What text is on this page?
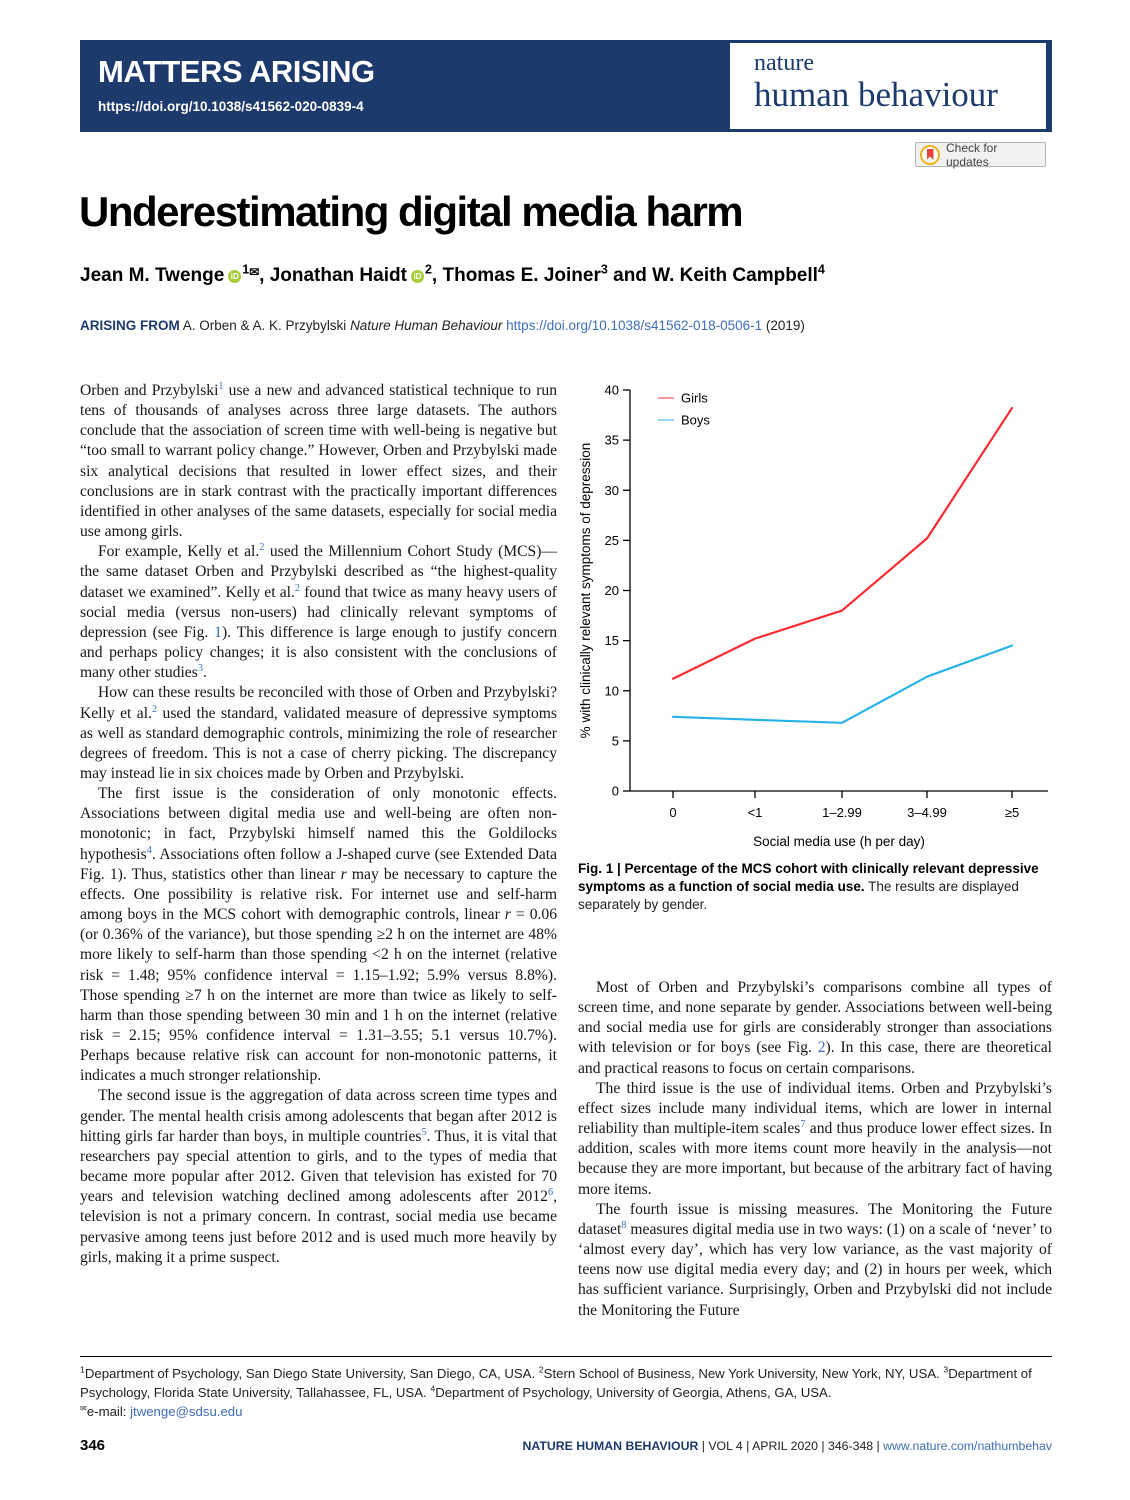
MATTERS ARISING
https://doi.org/10.1038/s41562-020-0839-4
nature
human behaviour
Check for updates
Underestimating digital media harm
Jean M. Twenge iD $^{1✉}$, Jonathan Haidt iD $^2$, Thomas E. Joiner$^3$ and W. Keith Campbell$^4$
ARISING FROM A. Orben & A. K. Przybylski Nature Human Behaviour https://doi.org/10.1038/s41562-018-0506-1 (2019)

Orben and Przybylski$^1$ use a new and advanced statistical technique to run tens of thousands of analyses across three large datasets. The authors conclude that the association of screen time with well-being is negative but “too small to warrant policy change.” However, Orben and Przybylski made six analytical decisions that resulted in lower effect sizes, and their conclusions are in stark contrast with the practically important differences identified in other analyses of the same datasets, especially for social media use among girls.

For example, Kelly et al.$^2$ used the Millennium Cohort Study (MCS)—the same dataset Orben and Przybylski described as “the highest-quality dataset we examined”. Kelly et al.$^2$ found that twice as many heavy users of social media (versus non-users) had clinically relevant symptoms of depression (see Fig. 1). This difference is large enough to justify concern and perhaps policy changes; it is also consistent with the conclusions of many other studies$^3$.

How can these results be reconciled with those of Orben and Przybylski? Kelly et al.$^2$ used the standard, validated measure of depressive symptoms as well as standard demographic controls, minimizing the role of researcher degrees of freedom. This is not a case of cherry picking. The discrepancy may instead lie in six choices made by Orben and Przybylski.

The first issue is the consideration of only monotonic effects. Associations between digital media use and well-being are often non-monotonic; in fact, Przybylski himself named this the Goldilocks hypothesis$^4$. Associations often follow a J-shaped curve (see Extended Data Fig. 1). Thus, statistics other than linear r may be necessary to capture the effects. One possibility is relative risk. For internet use and self-harm among boys in the MCS cohort with demographic controls, linear r = 0.06 (or 0.36% of the variance), but those spending ≥2 h on the internet are 48% more likely to self-harm than those spending <2 h on the internet (relative risk = 1.48; 95% confidence interval = 1.15–1.92; 5.9% versus 8.8%). Those spending ≥7 h on the internet are more than twice as likely to self-harm than those spending between 30 min and 1 h on the internet (relative risk = 2.15; 95% confidence interval = 1.31–3.55; 5.1 versus 10.7%). Perhaps because relative risk can account for non-monotonic patterns, it indicates a much stronger relationship.

The second issue is the aggregation of data across screen time types and gender. The mental health crisis among adolescents that began after 2012 is hitting girls far harder than boys, in multiple countries$^5$. Thus, it is vital that researchers pay special attention to girls, and to the types of media that became more popular after 2012. Given that television has existed for 70 years and television watching declined among adolescents after 2012$^6$, television is not a primary concern. In contrast, social media use became pervasive among teens just before 2012 and is used much more heavily by girls, making it a prime suspect.

0
5
10
15
20
25
30
35
40
0	<1	1–2.99	3–4.99	≥5
Social media use (h per day)
% with clinically relevant symptoms of depression
Girls
Boys
Fig. 1 | Percentage of the MCS cohort with clinically relevant depressive symptoms as a function of social media use. The results are displayed separately by gender.

Most of Orben and Przybylski’s comparisons combine all types of screen time, and none separate by gender. Associations between well-being and social media use for girls are considerably stronger than associations with television or for boys (see Fig. 2). In this case, there are theoretical and practical reasons to focus on certain comparisons.

The third issue is the use of individual items. Orben and Przybylski’s effect sizes include many individual items, which are lower in internal reliability than multiple-item scales$^7$ and thus produce lower effect sizes. In addition, scales with more items count more heavily in the analysis—not because they are more important, but because of the arbitrary fact of having more items.

The fourth issue is missing measures. The Monitoring the Future dataset$^8$ measures digital media use in two ways: (1) on a scale of ‘never’ to ‘almost every day’, which has very low variance, as the vast majority of teens now use digital media every day; and (2) in hours per week, which has sufficient variance. Surprisingly, Orben and Przybylski did not include the Monitoring the Future

$^1$Department of Psychology, San Diego State University, San Diego, CA, USA. $^2$Stern School of Business, New York University, New York, NY, USA. $^3$Department of Psychology, Florida State University, Tallahassee, FL, USA. $^4$Department of Psychology, University of Georgia, Athens, GA, USA.
✉e-mail: jtwenge@sdsu.edu
346	NATURE HUMAN BEHAVIOUR | VOL 4 | APRIL 2020 | 346-348 | www.nature.com/nathumbehav
